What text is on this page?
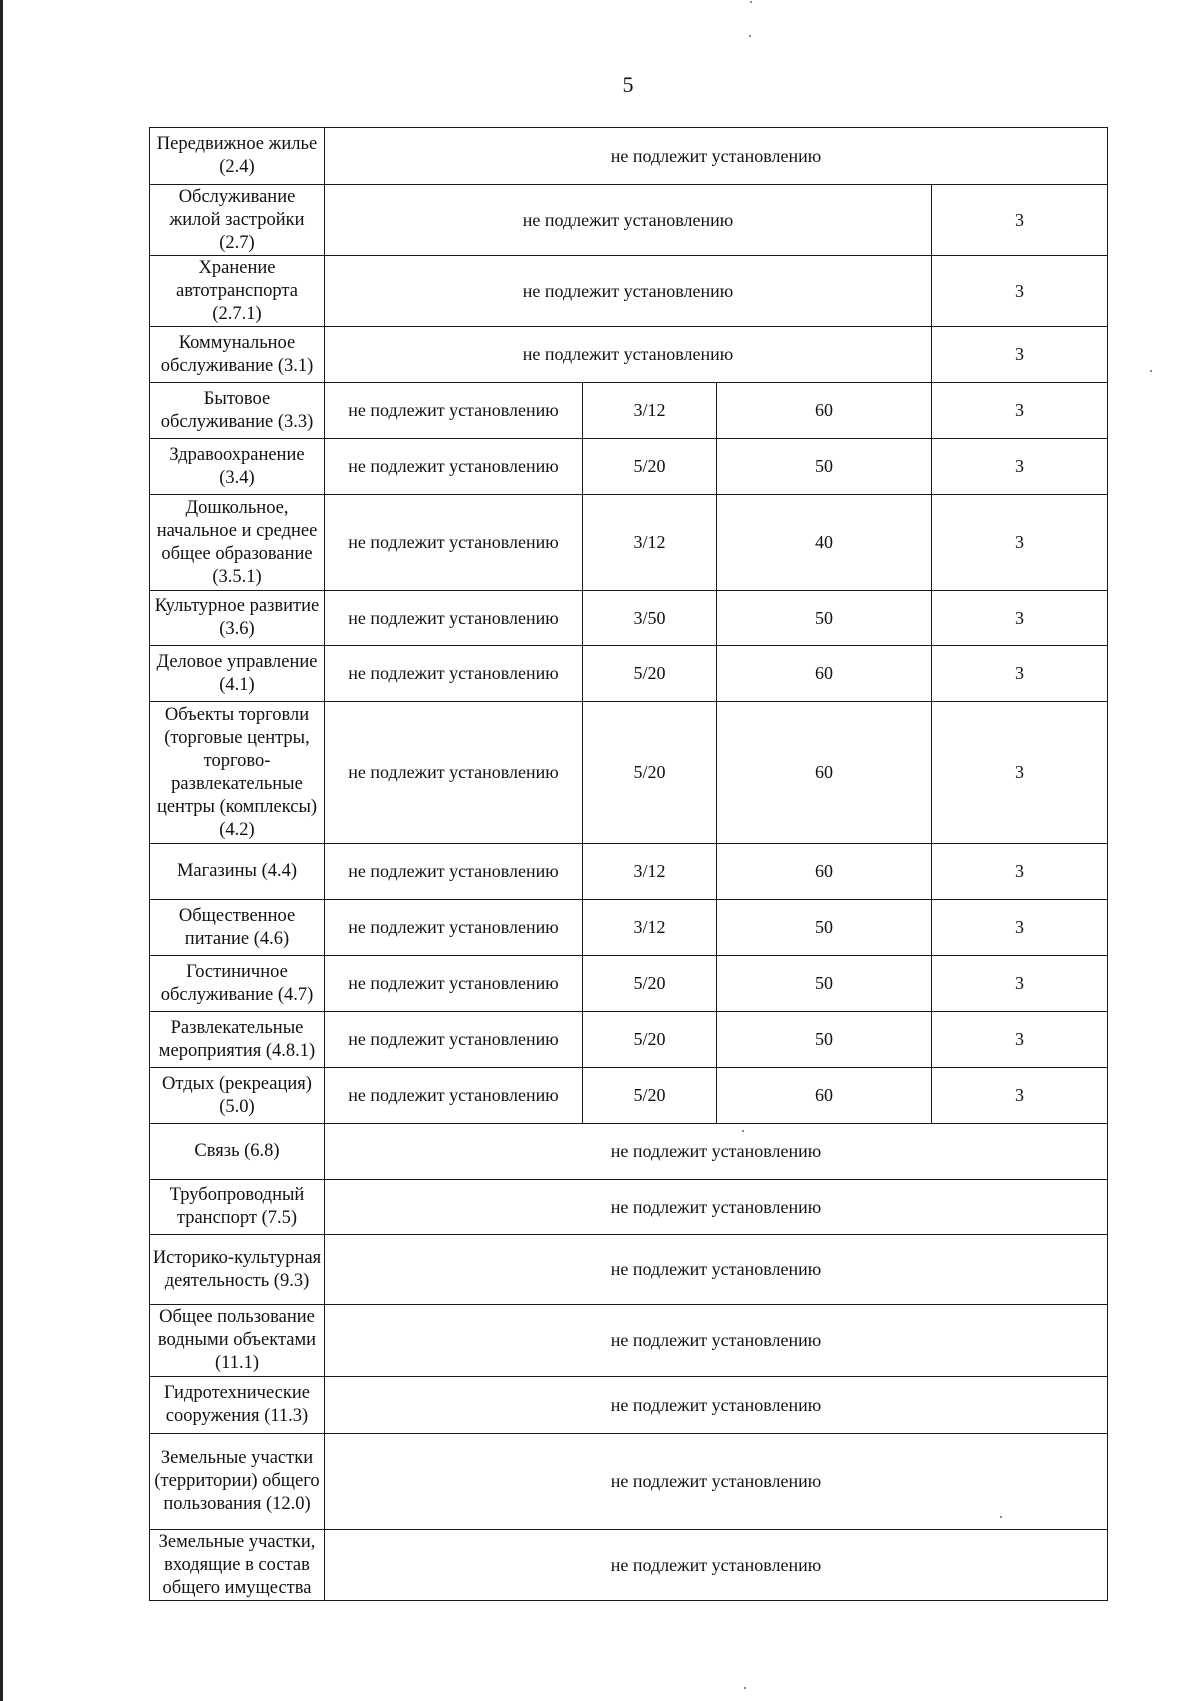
5
Передвижное жилье (2.4)	не подлежит установлению			
Обслуживание жилой застройки (2.7)	не подлежит установлению			3
Хранение автотранспорта (2.7.1)	не подлежит установлению			3
Коммунальное обслуживание (3.1)	не подлежит установлению			3
Бытовое обслуживание (3.3)	не подлежит установлению	3/12	60	3
Здравоохранение (3.4)	не подлежит установлению	5/20	50	3
Дошкольное, начальное и среднее общее образование (3.5.1)	не подлежит установлению	3/12	40	3
Культурное развитие (3.6)	не подлежит установлению	3/50	50	3
Деловое управление (4.1)	не подлежит установлению	5/20	60	3
Объекты торговли (торговые центры, торгово-развлекательные центры (комплексы) (4.2)	не подлежит установлению	5/20	60	3
Магазины (4.4)	не подлежит установлению	3/12	60	3
Общественное питание (4.6)	не подлежит установлению	3/12	50	3
Гостиничное обслуживание (4.7)	не подлежит установлению	5/20	50	3
Развлекательные мероприятия (4.8.1)	не подлежит установлению	5/20	50	3
Отдых (рекреация) (5.0)	не подлежит установлению	5/20	60	3
Связь (6.8)	не подлежит установлению			
Трубопроводный транспорт (7.5)	не подлежит установлению			
Историко-культурная деятельность (9.3)	не подлежит установлению			
Общее пользование водными объектами (11.1)	не подлежит установлению			
Гидротехнические сооружения (11.3)	не подлежит установлению			
Земельные участки (территории) общего пользования (12.0)	не подлежит установлению			
Земельные участки, входящие в состав общего имущества	не подлежит установлению			
